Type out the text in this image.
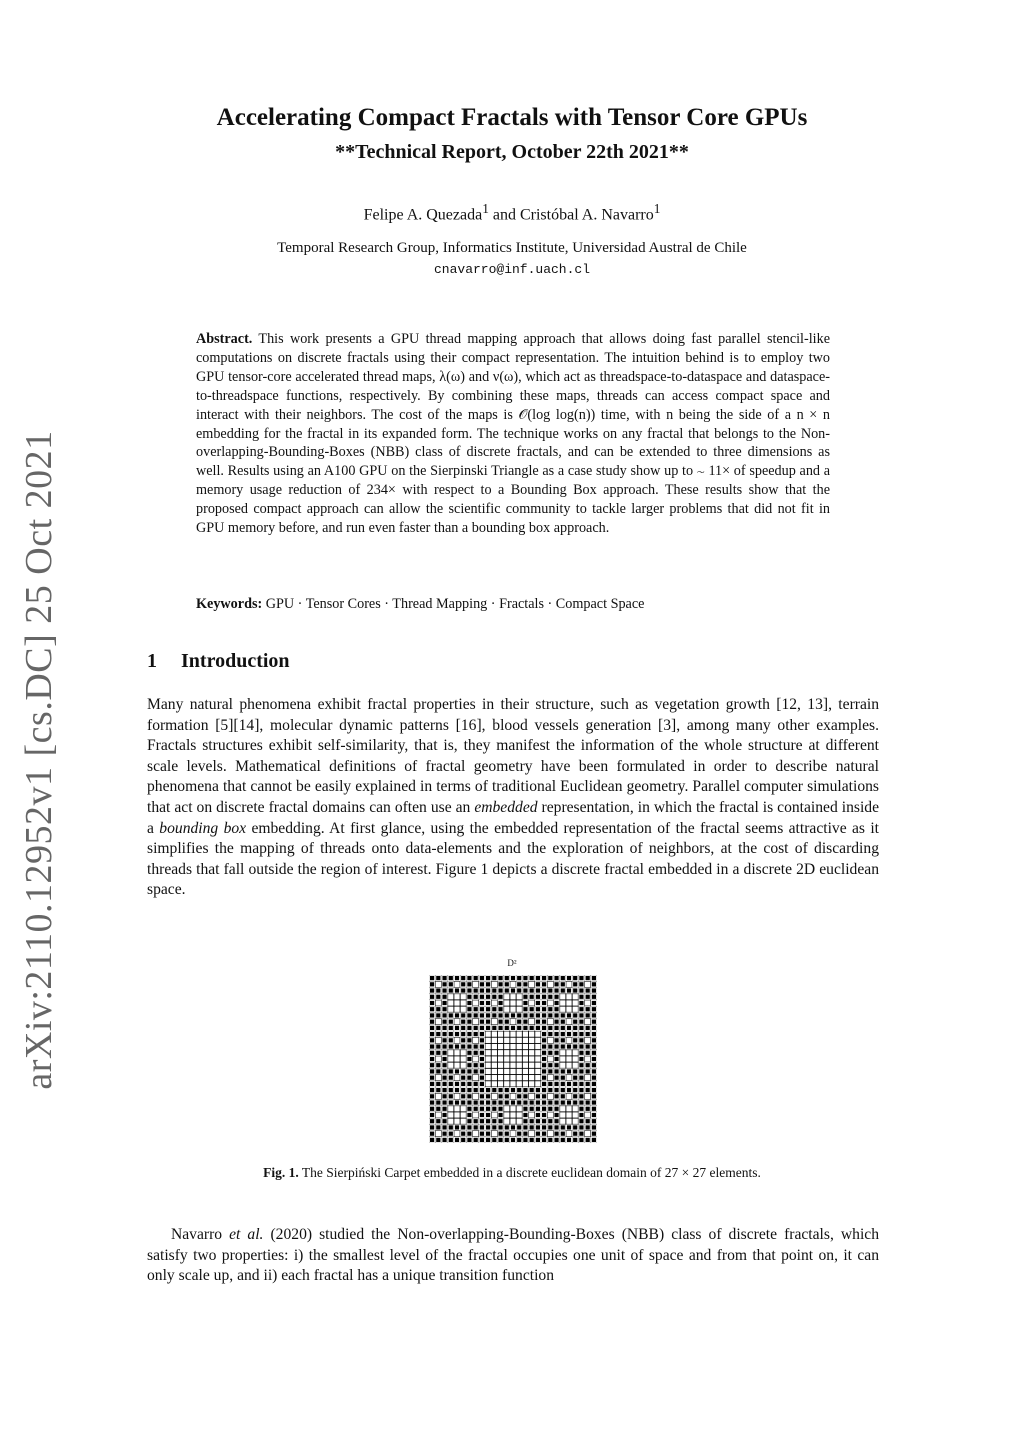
arXiv:2110.12952v1 [cs.DC] 25 Oct 2021
Accelerating Compact Fractals with Tensor Core GPUs
**Technical Report, October 22th 2021**
Felipe A. Quezada$^1$ and Cristóbal A. Navarro$^1$
Temporal Research Group, Informatics Institute, Universidad Austral de Chile
cnavarro@inf.uach.cl
Abstract. This work presents a GPU thread mapping approach that allows doing fast parallel stencil-like computations on discrete fractals using their compact representation. The intuition behind is to employ two GPU tensor-core accelerated thread maps, λ(ω) and ν(ω), which act as threadspace-to-dataspace and dataspace-to-threadspace functions, respectively. By combining these maps, threads can access compact space and interact with their neighbors. The cost of the maps is 𝒪(log log(n)) time, with n being the side of a n × n embedding for the fractal in its expanded form. The technique works on any fractal that belongs to the Non-overlapping-Bounding-Boxes (NBB) class of discrete fractals, and can be extended to three dimensions as well. Results using an A100 GPU on the Sierpinski Triangle as a case study show up to ∼ 11× of speedup and a memory usage reduction of 234× with respect to a Bounding Box approach. These results show that the proposed compact approach can allow the scientific community to tackle larger problems that did not fit in GPU memory before, and run even faster than a bounding box approach.
Keywords: GPU · Tensor Cores · Thread Mapping · Fractals · Compact Space
1 Introduction
Many natural phenomena exhibit fractal properties in their structure, such as vegetation growth [12, 13], terrain formation [5][14], molecular dynamic patterns [16], blood vessels generation [3], among many other examples. Fractals structures exhibit self-similarity, that is, they manifest the information of the whole structure at different scale levels. Mathematical definitions of fractal geometry have been formulated in order to describe natural phenomena that cannot be easily explained in terms of traditional Euclidean geometry. Parallel computer simulations that act on discrete fractal domains can often use an embedded representation, in which the fractal is contained inside a bounding box embedding. At first glance, using the embedded representation of the fractal seems attractive as it simplifies the mapping of threads onto data-elements and the exploration of neighbors, at the cost of discarding threads that fall outside the region of interest. Figure 1 depicts a discrete fractal embedded in a discrete 2D euclidean space.
D²
Fig. 1. The Sierpiński Carpet embedded in a discrete euclidean domain of 27 × 27 elements.
Navarro et al. (2020) studied the Non-overlapping-Bounding-Boxes (NBB) class of discrete fractals, which satisfy two properties: i) the smallest level of the fractal occupies one unit of space and from that point on, it can only scale up, and ii) each fractal has a unique transition function
